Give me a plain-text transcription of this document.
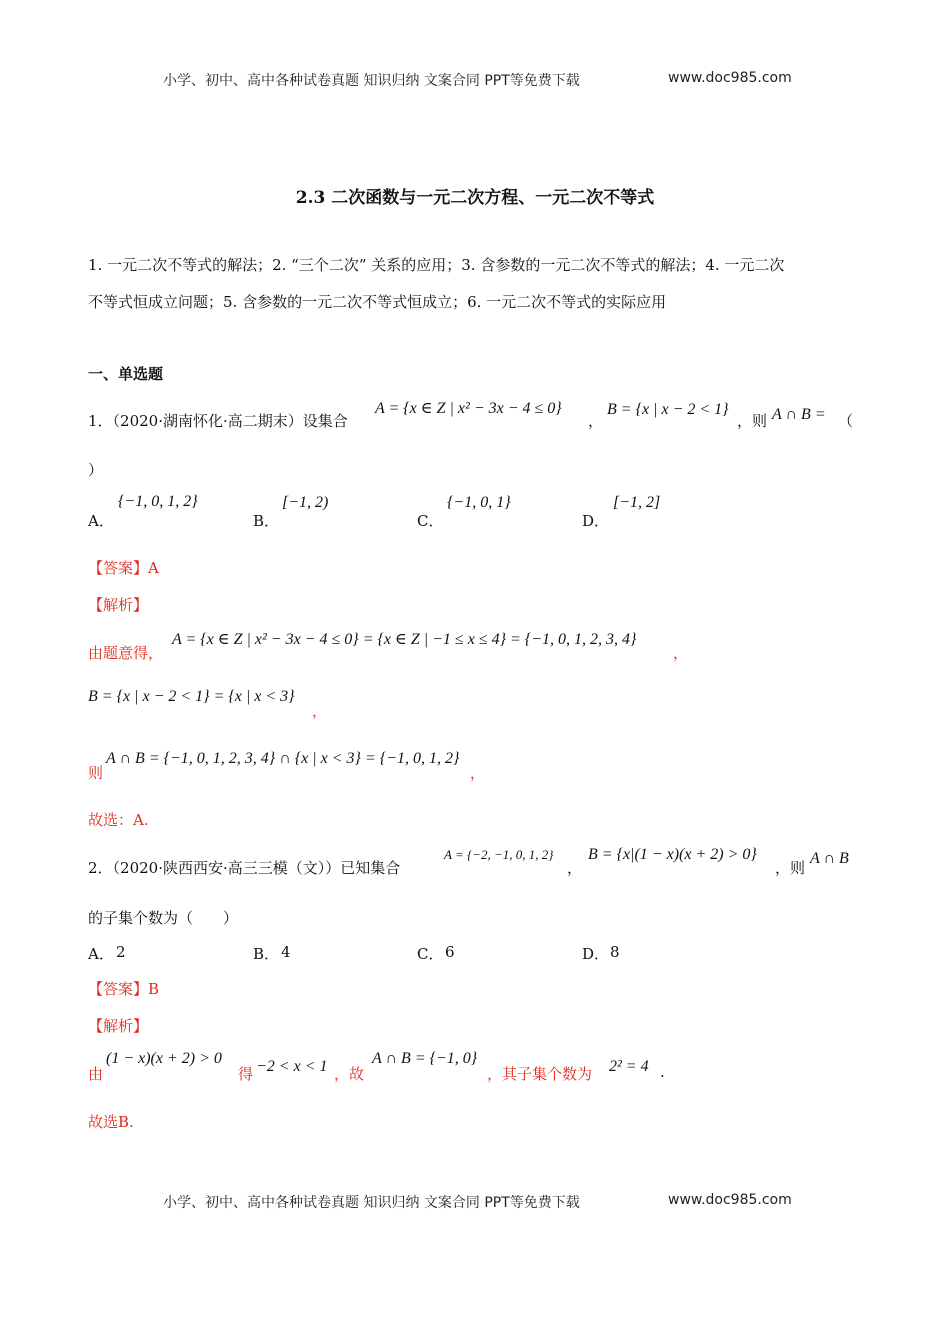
小学、初中、高中各种试卷真题 知识归纳 文案合同 PPT等免费下载	www.doc985.com
2.3 二次函数与一元二次方程、一元二次不等式
1. 一元二次不等式的解法；2. “三个二次” 关系的应用；3. 含参数的一元二次不等式的解法；4. 一元二次
不等式恒成立问题；5. 含参数的一元二次不等式恒成立；6. 一元二次不等式的实际应用
一、单选题
1．（2020·湖南怀化·高二期末）设集合
A = {x ∈ Z | x² − 3x − 4 ≤ 0}
，
B = {x | x − 2 < 1}
，则 A ∩ B = （
）
A．
{−1, 0, 1, 2}
B．
[−1, 2)
C．
{−1, 0, 1}
D．
[−1, 2]
【答案】A
【解析】
由题意得，
A = {x ∈ Z | x² − 3x − 4 ≤ 0} = {x ∈ Z | −1 ≤ x ≤ 4} = {−1, 0, 1, 2, 3, 4}
，
B = {x | x − 2 < 1} = {x | x < 3}
，
则
A ∩ B = {−1, 0, 1, 2, 3, 4} ∩ {x | x < 3} = {−1, 0, 1, 2}
，
故选：A.
2．（2020·陕西西安·高三三模（文））已知集合
A = {−2, −1, 0, 1, 2}
，
B = {x|(1 − x)(x + 2) > 0}
，则
A ∩ B
的子集个数为（　　）
A． 2	B． 4	C． 6	D． 8
【答案】B
【解析】
由
(1 − x)(x + 2) > 0
得 −2 < x < 1 ，故
A ∩ B = {−1, 0}
，其子集个数为 2² = 4 .
故选B.
小学、初中、高中各种试卷真题 知识归纳 文案合同 PPT等免费下载	www.doc985.com
